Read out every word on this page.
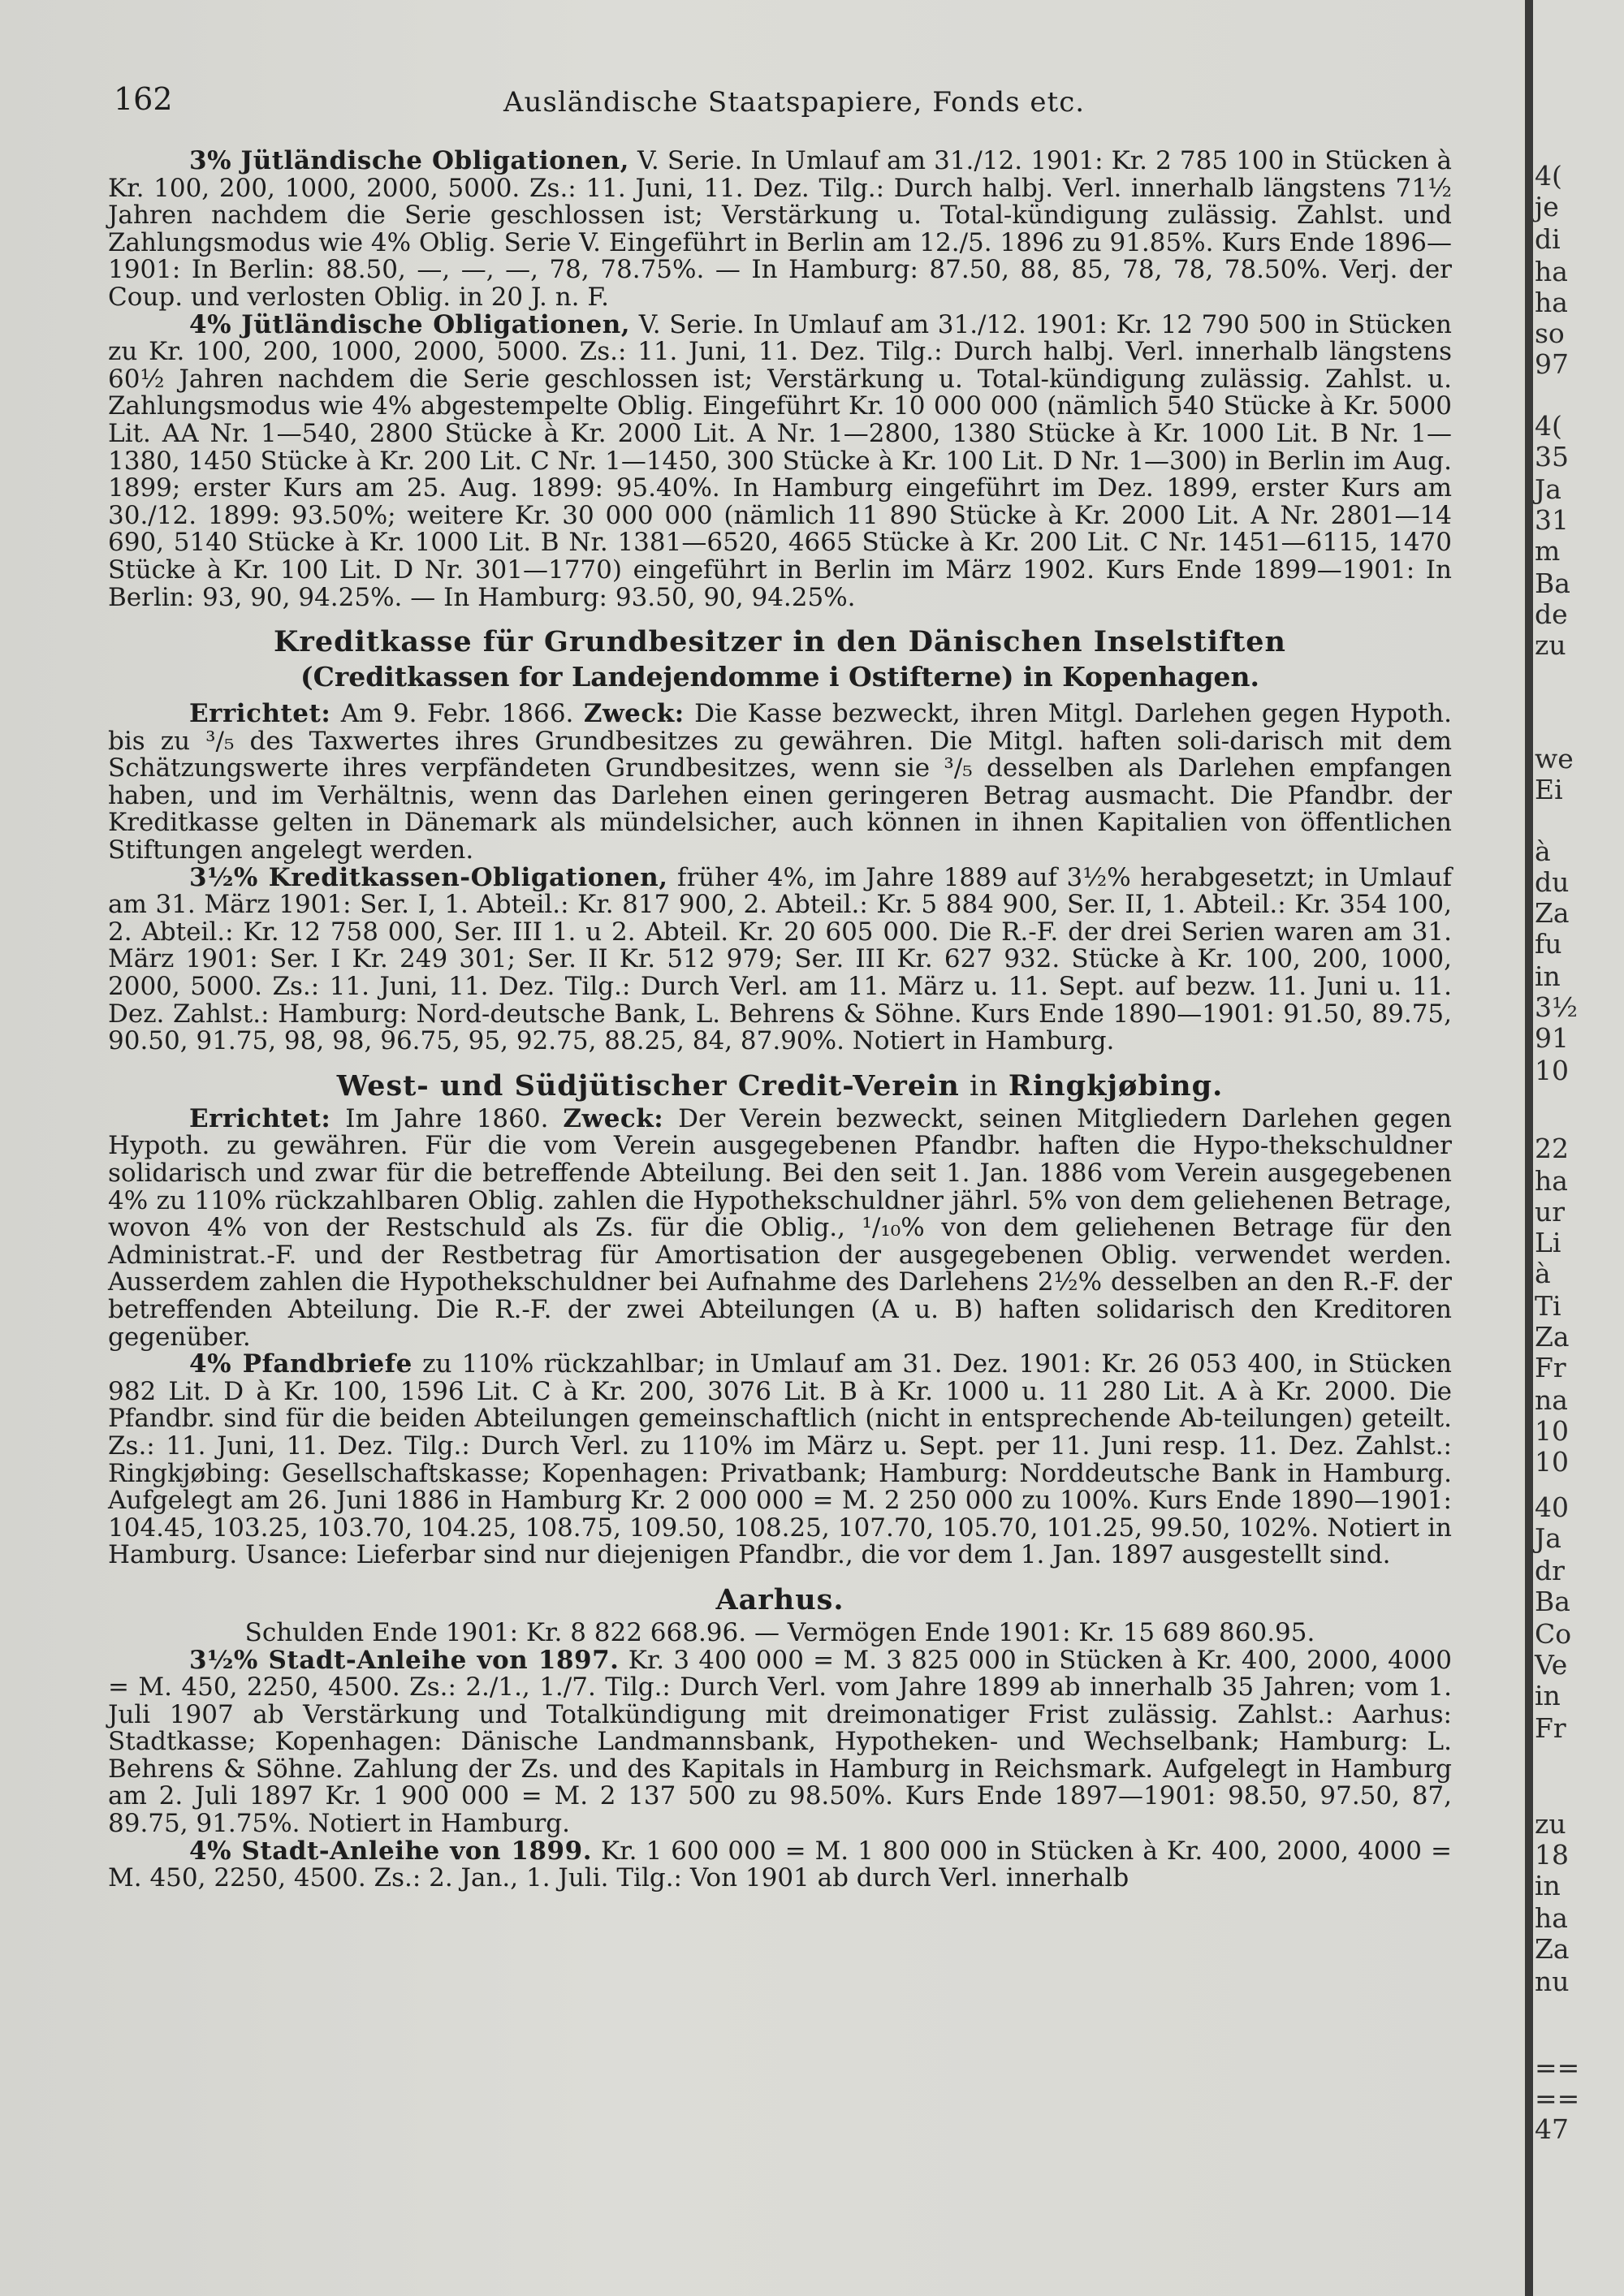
162	Ausländische Staatspapiere, Fonds etc.

3% Jütländische Obligationen, V. Serie. In Umlauf am 31./12. 1901: Kr. 2 785 100 in Stücken à Kr. 100, 200, 1000, 2000, 5000. Zs.: 11. Juni, 11. Dez. Tilg.: Durch halbj. Verl. innerhalb längstens 71½ Jahren nachdem die Serie geschlossen ist; Verstärkung u. Total-kündigung zulässig. Zahlst. und Zahlungsmodus wie 4% Oblig. Serie V. Eingeführt in Berlin am 12./5. 1896 zu 91.85%. Kurs Ende 1896—1901: In Berlin: 88.50, —, —, —, 78, 78.75%. — In Hamburg: 87.50, 88, 85, 78, 78, 78.50%. Verj. der Coup. und verlosten Oblig. in 20 J. n. F.

4% Jütländische Obligationen, V. Serie. In Umlauf am 31./12. 1901: Kr. 12 790 500 in Stücken zu Kr. 100, 200, 1000, 2000, 5000. Zs.: 11. Juni, 11. Dez. Tilg.: Durch halbj. Verl. innerhalb längstens 60½ Jahren nachdem die Serie geschlossen ist; Verstärkung u. Total-kündigung zulässig. Zahlst. u. Zahlungsmodus wie 4% abgestempelte Oblig. Eingeführt Kr. 10 000 000 (nämlich 540 Stücke à Kr. 5000 Lit. AA Nr. 1—540, 2800 Stücke à Kr. 2000 Lit. A Nr. 1—2800, 1380 Stücke à Kr. 1000 Lit. B Nr. 1—1380, 1450 Stücke à Kr. 200 Lit. C Nr. 1—1450, 300 Stücke à Kr. 100 Lit. D Nr. 1—300) in Berlin im Aug. 1899; erster Kurs am 25. Aug. 1899: 95.40%. In Hamburg eingeführt im Dez. 1899, erster Kurs am 30./12. 1899: 93.50%; weitere Kr. 30 000 000 (nämlich 11 890 Stücke à Kr. 2000 Lit. A Nr. 2801—14 690, 5140 Stücke à Kr. 1000 Lit. B Nr. 1381—6520, 4665 Stücke à Kr. 200 Lit. C Nr. 1451—6115, 1470 Stücke à Kr. 100 Lit. D Nr. 301—1770) eingeführt in Berlin im März 1902. Kurs Ende 1899—1901: In Berlin: 93, 90, 94.25%. — In Hamburg: 93.50, 90, 94.25%.

Kreditkasse für Grundbesitzer in den Dänischen Inselstiften
(Creditkassen for Landejendomme i Ostifterne) in Kopenhagen.

Errichtet: Am 9. Febr. 1866. Zweck: Die Kasse bezweckt, ihren Mitgl. Darlehen gegen Hypoth. bis zu ³/₅ des Taxwertes ihres Grundbesitzes zu gewähren. Die Mitgl. haften soli-darisch mit dem Schätzungswerte ihres verpfändeten Grundbesitzes, wenn sie ³/₅ desselben als Darlehen empfangen haben, und im Verhältnis, wenn das Darlehen einen geringeren Betrag ausmacht. Die Pfandbr. der Kreditkasse gelten in Dänemark als mündelsicher, auch können in ihnen Kapitalien von öffentlichen Stiftungen angelegt werden.

3½% Kreditkassen-Obligationen, früher 4%, im Jahre 1889 auf 3½% herabgesetzt; in Umlauf am 31. März 1901: Ser. I, 1. Abteil.: Kr. 817 900, 2. Abteil.: Kr. 5 884 900, Ser. II, 1. Abteil.: Kr. 354 100, 2. Abteil.: Kr. 12 758 000, Ser. III 1. u 2. Abteil. Kr. 20 605 000. Die R.-F. der drei Serien waren am 31. März 1901: Ser. I Kr. 249 301; Ser. II Kr. 512 979; Ser. III Kr. 627 932. Stücke à Kr. 100, 200, 1000, 2000, 5000. Zs.: 11. Juni, 11. Dez. Tilg.: Durch Verl. am 11. März u. 11. Sept. auf bezw. 11. Juni u. 11. Dez. Zahlst.: Hamburg: Nord-deutsche Bank, L. Behrens & Söhne. Kurs Ende 1890—1901: 91.50, 89.75, 90.50, 91.75, 98, 98, 96.75, 95, 92.75, 88.25, 84, 87.90%. Notiert in Hamburg.

West- und Südjütischer Credit-Verein in Ringkjøbing.

Errichtet: Im Jahre 1860. Zweck: Der Verein bezweckt, seinen Mitgliedern Darlehen gegen Hypoth. zu gewähren. Für die vom Verein ausgegebenen Pfandbr. haften die Hypo-thekschuldner solidarisch und zwar für die betreffende Abteilung. Bei den seit 1. Jan. 1886 vom Verein ausgegebenen 4% zu 110% rückzahlbaren Oblig. zahlen die Hypothekschuldner jährl. 5% von dem geliehenen Betrage, wovon 4% von der Restschuld als Zs. für die Oblig., ¹/₁₀% von dem geliehenen Betrage für den Administrat.-F. und der Restbetrag für Amortisation der ausgegebenen Oblig. verwendet werden. Ausserdem zahlen die Hypothekschuldner bei Aufnahme des Darlehens 2½% desselben an den R.-F. der betreffenden Abteilung. Die R.-F. der zwei Abteilungen (A u. B) haften solidarisch den Kreditoren gegenüber.

4% Pfandbriefe zu 110% rückzahlbar; in Umlauf am 31. Dez. 1901: Kr. 26 053 400, in Stücken 982 Lit. D à Kr. 100, 1596 Lit. C à Kr. 200, 3076 Lit. B à Kr. 1000 u. 11 280 Lit. A à Kr. 2000. Die Pfandbr. sind für die beiden Abteilungen gemeinschaftlich (nicht in entsprechende Ab-teilungen) geteilt. Zs.: 11. Juni, 11. Dez. Tilg.: Durch Verl. zu 110% im März u. Sept. per 11. Juni resp. 11. Dez. Zahlst.: Ringkjøbing: Gesellschaftskasse; Kopenhagen: Privatbank; Hamburg: Norddeutsche Bank in Hamburg. Aufgelegt am 26. Juni 1886 in Hamburg Kr. 2 000 000 = M. 2 250 000 zu 100%. Kurs Ende 1890—1901: 104.45, 103.25, 103.70, 104.25, 108.75, 109.50, 108.25, 107.70, 105.70, 101.25, 99.50, 102%. Notiert in Hamburg. Usance: Lieferbar sind nur diejenigen Pfandbr., die vor dem 1. Jan. 1897 ausgestellt sind.

Aarhus.

Schulden Ende 1901: Kr. 8 822 668.96. — Vermögen Ende 1901: Kr. 15 689 860.95.

3½% Stadt-Anleihe von 1897. Kr. 3 400 000 = M. 3 825 000 in Stücken à Kr. 400, 2000, 4000 = M. 450, 2250, 4500. Zs.: 2./1., 1./7. Tilg.: Durch Verl. vom Jahre 1899 ab innerhalb 35 Jahren; vom 1. Juli 1907 ab Verstärkung und Totalkündigung mit dreimonatiger Frist zulässig. Zahlst.: Aarhus: Stadtkasse; Kopenhagen: Dänische Landmannsbank, Hypotheken- und Wechselbank; Hamburg: L. Behrens & Söhne. Zahlung der Zs. und des Kapitals in Hamburg in Reichsmark. Aufgelegt in Hamburg am 2. Juli 1897 Kr. 1 900 000 = M. 2 137 500 zu 98.50%. Kurs Ende 1897—1901: 98.50, 97.50, 87, 89.75, 91.75%. Notiert in Hamburg.

4% Stadt-Anleihe von 1899. Kr. 1 600 000 = M. 1 800 000 in Stücken à Kr. 400, 2000, 4000 = M. 450, 2250, 4500. Zs.: 2. Jan., 1. Juli. Tilg.: Von 1901 ab durch Verl. innerhalb

4(
je
di
ha
ha
so
97
4(
35
Ja
31
m
Ba
de
zu
we
Ei
à
du
Za
fu
in
3½
91
10
22
ha
ur
Li
à
Ti
Za
Fr
na
10
10
40
Ja
dr
Ba
Co
Ve
in
Fr
zu
18
in
ha
Za
nu
==
==
47
